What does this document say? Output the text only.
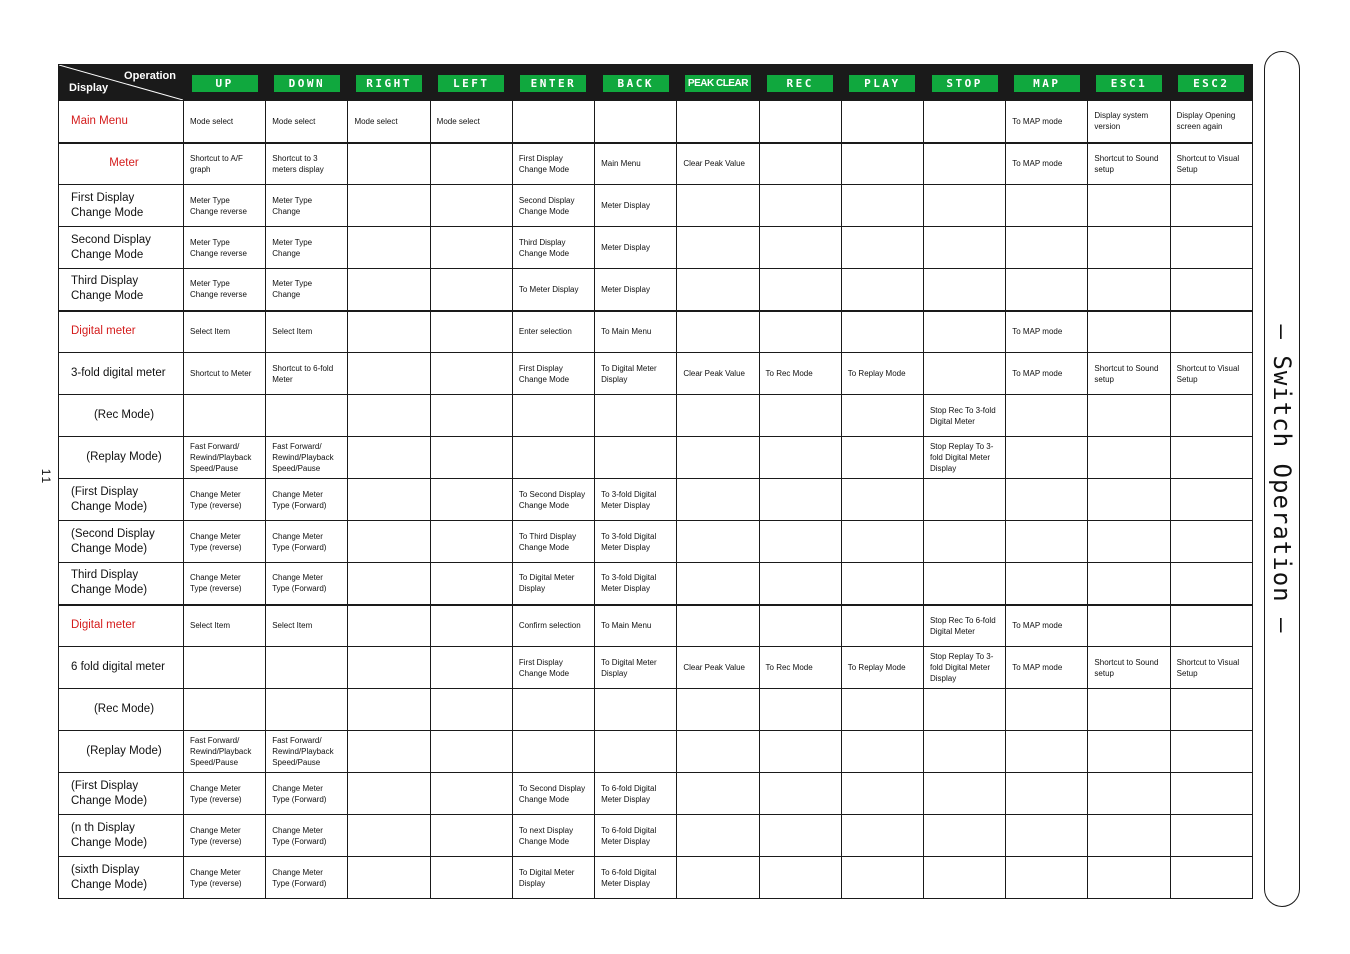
Operation
Display	UP	DOWN	RIGHT	LEFT	ENTER	BACK	PEAK CLEAR	REC	PLAY	STOP	MAP	ESC1	ESC2
Main Menu	Mode select	Mode select	Mode select	Mode select							To MAP mode	Display system version	Display Opening screen again

Meter	Shortcut to A/F graph	Shortcut to 3 meters display			First Display Change Mode	Main Menu	Clear Peak Value				To MAP mode	Shortcut to Sound setup	Shortcut to Visual Setup

First Display
Change Mode	Meter Type Change reverse	Meter Type Change			Second Display Change Mode	Meter Display							

Second Display
Change Mode	Meter Type Change reverse	Meter Type Change			Third Display Change Mode	Meter Display							

Third Display
Change Mode	Meter Type Change reverse	Meter Type Change			To Meter Display	Meter Display							

Digital meter	Select Item	Select Item			Enter selection	To Main Menu					To MAP mode		

3-fold digital meter	Shortcut to Meter	Shortcut to 6-fold Meter			First Display Change Mode	To Digital Meter Display	Clear Peak Value	To Rec Mode	To Replay Mode		To MAP mode	Shortcut to Sound setup	Shortcut to Visual Setup

(Rec Mode)										Stop Rec To 3-fold Digital Meter			

(Replay Mode)	Fast Forward/ Rewind/Playback Speed/Pause	Fast Forward/ Rewind/Playback Speed/Pause								Stop Replay To 3-fold Digital Meter Display			

(First Display
Change Mode)	Change Meter Type (reverse)	Change Meter Type (Forward)			To Second Display Change Mode	To 3-fold Digital Meter Display							

(Second Display
Change Mode)	Change Meter Type (reverse)	Change Meter Type (Forward)			To Third Display Change Mode	To 3-fold Digital Meter Display							

Third Display
Change Mode)	Change Meter Type (reverse)	Change Meter Type (Forward)			To Digital Meter Display	To 3-fold Digital Meter Display							

Digital meter	Select Item	Select Item			Confirm selection	To Main Menu				Stop Rec To 6-fold Digital Meter	To MAP mode		

6 fold digital meter					First Display Change Mode	To Digital Meter Display	Clear Peak Value	To Rec Mode	To Replay Mode	Stop Replay To 3-fold Digital Meter Display	To MAP mode	Shortcut to Sound setup	Shortcut to Visual Setup

(Rec Mode)	

(Replay Mode)	Fast Forward/ Rewind/Playback Speed/Pause	Fast Forward/ Rewind/Playback Speed/Pause											

(First Display
Change Mode)	Change Meter Type (reverse)	Change Meter Type (Forward)			To Second Display Change Mode	To 6-fold Digital Meter Display							

(n th Display
Change Mode)	Change Meter Type (reverse)	Change Meter Type (Forward)			To next Display Change Mode	To 6-fold Digital Meter Display							

(sixth Display
Change Mode)	Change Meter Type (reverse)	Change Meter Type (Forward)			To Digital Meter Display	To 6-fold Digital Meter Display							

— Switch Operation —
11
